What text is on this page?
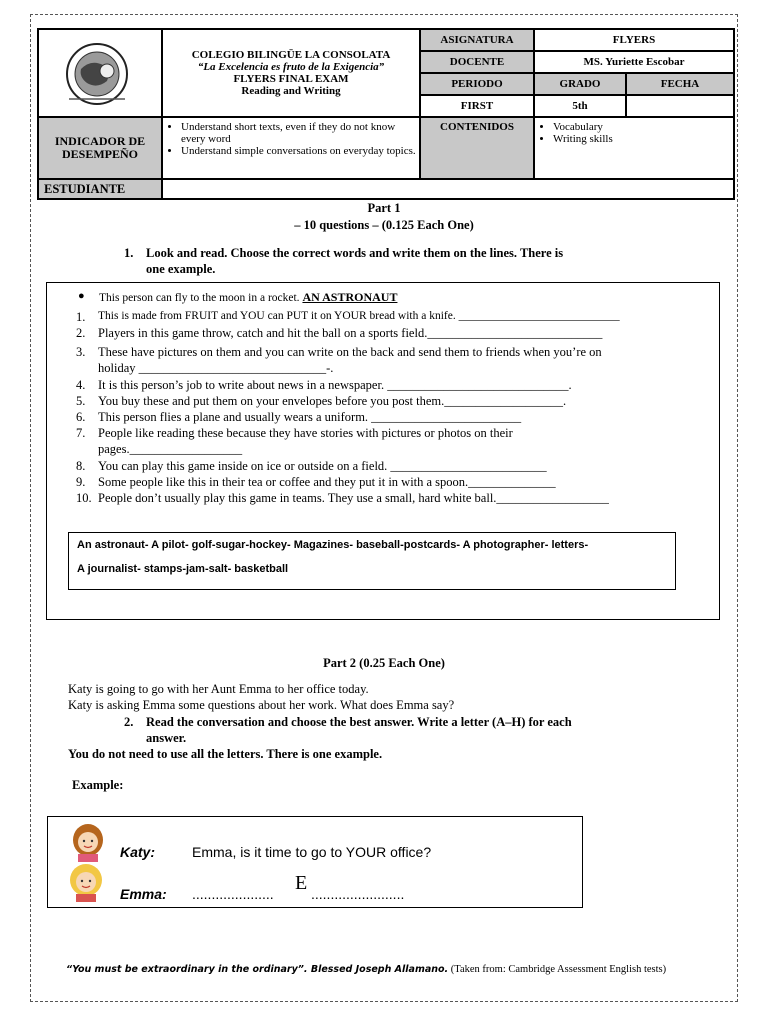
COLEGIO BILINGÜE LA CONSOLATA
“La Excelencia es fruto de la Exigencia”
FLYERS FINAL EXAM
Reading and Writing
ASIGNATURA	FLYERS
DOCENTE	MS. Yuriette Escobar
PERIODO	GRADO	FECHA
FIRST	5th
INDICADOR DE DESEMPEÑO
• Understand short texts, even if they do not know every word
• Understand simple conversations on everyday topics.
CONTENIDOS
•	Vocabulary
• Writing skills
ESTUDIANTE
Part 1
– 10 questions – (0.125 Each One)
1. Look and read. Choose the correct words and write them on the lines. There is
one example.
● This person can fly to the moon in a rocket. AN ASTRONAUT
1.	This is made from FRUIT and YOU can PUT it on YOUR bread with a knife. ____________________________
2.	Players in this game throw, catch and hit the ball on a sports field.____________________________
3.	These have pictures on them and you can write on the back and send them to friends when you’re on
holiday ______________________________-.
4.	It is this person’s job to write about news in a newspaper. _____________________________.
5.	You buy these and put them on your envelopes before you post them.___________________.
6.	This person flies a plane and usually wears a uniform. ________________________
7.	People like reading these because they have stories with pictures or photos on their
pages.__________________
8.	You can play this game inside on ice or outside on a field. _________________________
9.	Some people like this in their tea or coffee and they put it in with a spoon.______________
10. People don’t usually play this game in teams. They use a small, hard white ball.__________________
An astronaut- A pilot- golf-sugar-hockey- Magazines- baseball-postcards- A photographer- letters-
A journalist- stamps-jam-salt- basketball
Part 2 (0.25 Each One)
Katy is going to go with her Aunt Emma to her office today.
Katy is asking Emma some questions about her work. What does Emma say?
2. Read the conversation and choose the best answer. Write a letter (A–H) for each
answer.
You do not need to use all the letters. There is one example.
Example:
Katy:	Emma, is it time to go to YOUR office?
Emma: ..................... E ........................
“You must be extraordinary in the ordinary”. Blessed Joseph Allamano. (Taken from: Cambridge Assessment English tests)
